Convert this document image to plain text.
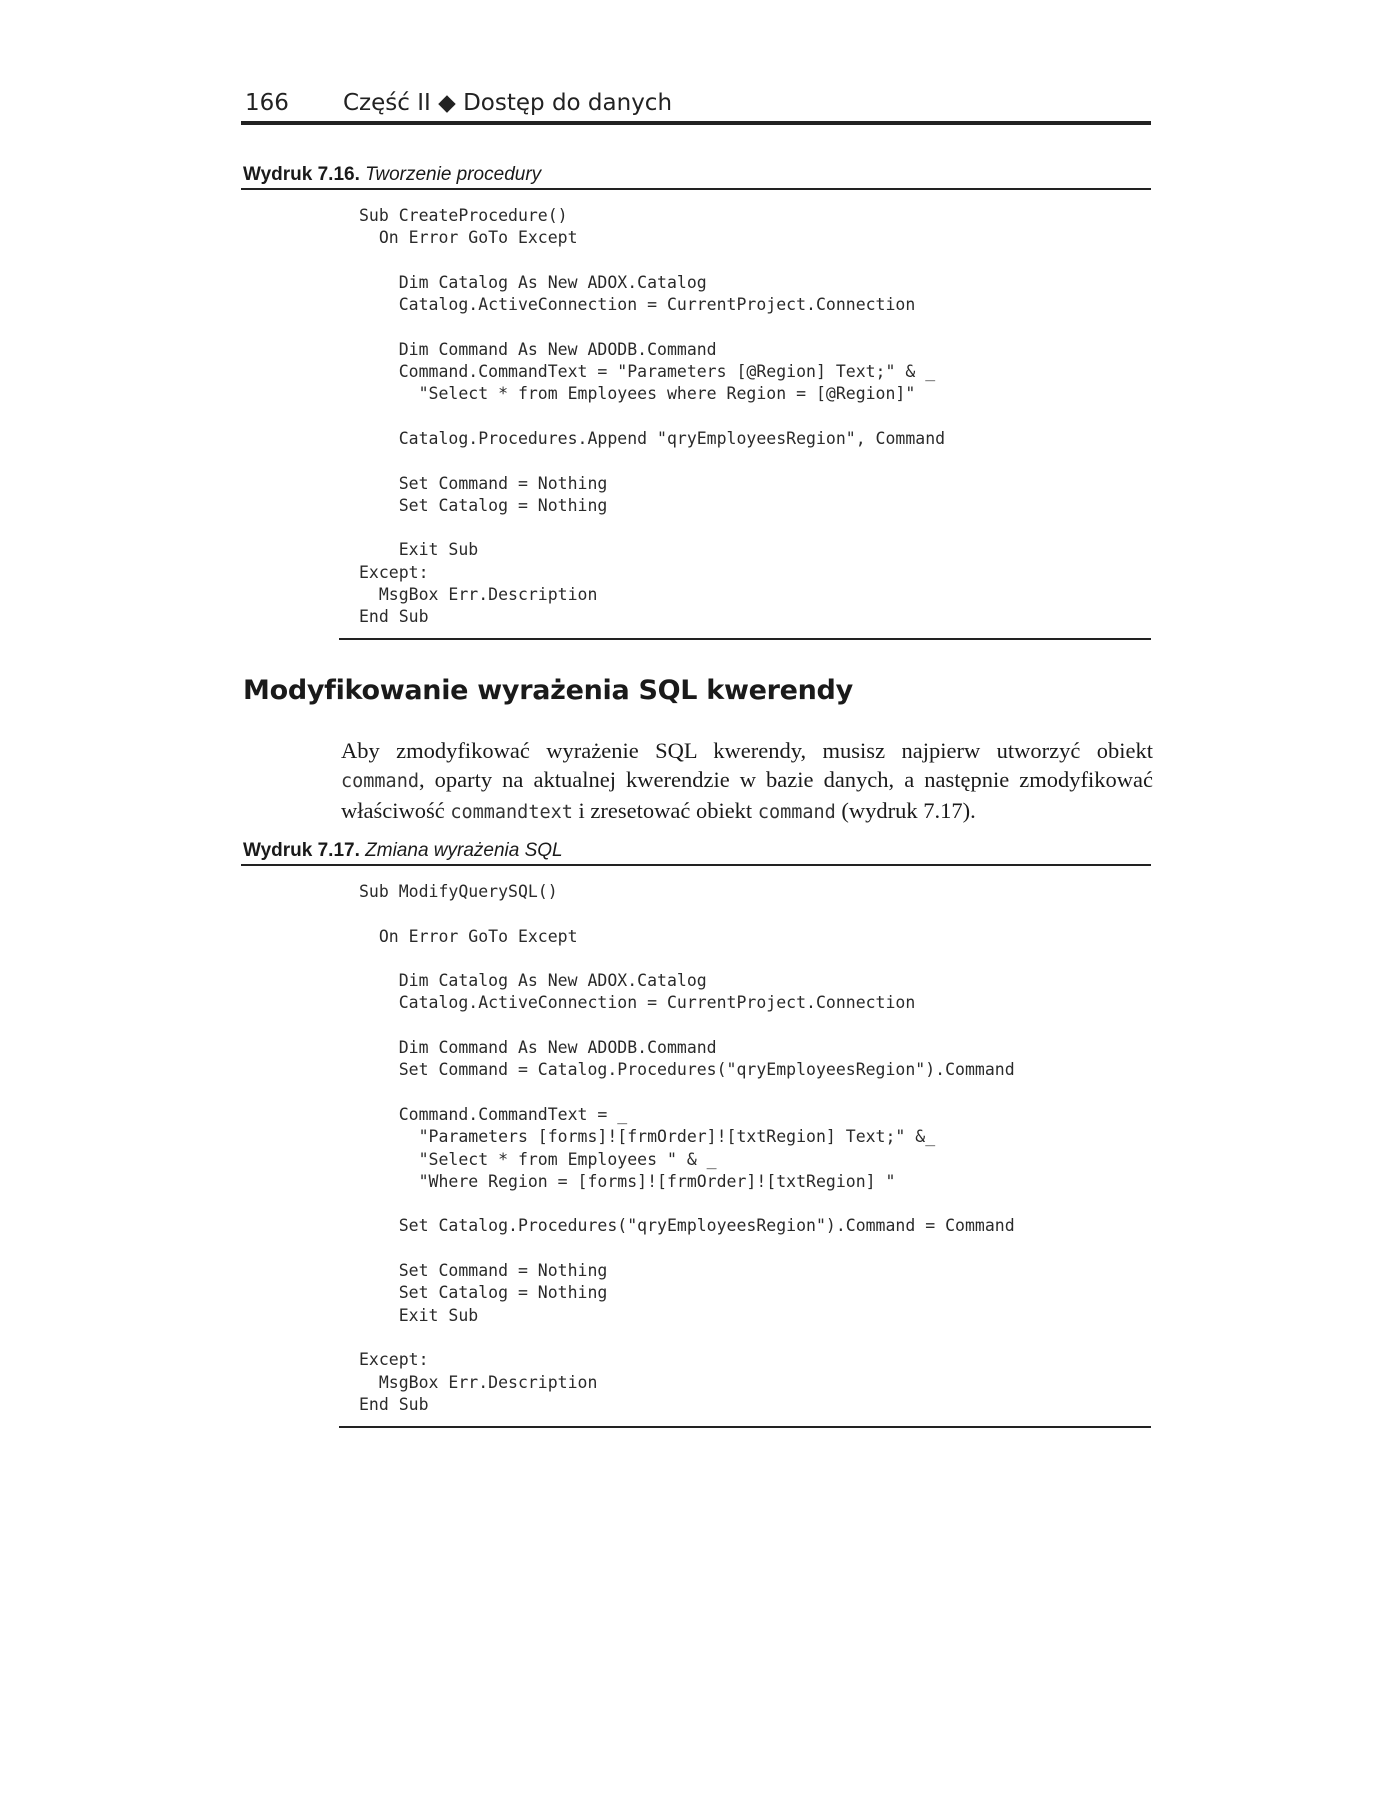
166 Część II ◆ Dostęp do danych
Wydruk 7.16. Tworzenie procedury
Sub CreateProcedure()
On Error GoTo Except
Dim Catalog As New ADOX.Catalog
Catalog.ActiveConnection = CurrentProject.Connection
Dim Command As New ADODB.Command
Command.CommandText = "Parameters [@Region] Text;" & _
"Select * from Employees where Region = [@Region]"
Catalog.Procedures.Append "qryEmployeesRegion", Command
Set Command = Nothing
Set Catalog = Nothing
Exit Sub
Except:
MsgBox Err.Description
End Sub
Modyfikowanie wyrażenia SQL kwerendy

Aby zmodyfikować wyrażenie SQL kwerendy, musisz najpierw utworzyć obiekt command, oparty na aktualnej kwerendzie w bazie danych, a następnie zmodyfikować właściwość commandtext i zresetować obiekt command (wydruk 7.17).

Wydruk 7.17. Zmiana wyrażenia SQL
Sub ModifyQuerySQL()
On Error GoTo Except
Dim Catalog As New ADOX.Catalog
Catalog.ActiveConnection = CurrentProject.Connection
Dim Command As New ADODB.Command
Set Command = Catalog.Procedures("qryEmployeesRegion").Command
Command.CommandText = _
"Parameters [forms]![frmOrder]![txtRegion] Text;" &_
"Select * from Employees " & _
"Where Region = [forms]![frmOrder]![txtRegion] "
Set Catalog.Procedures("qryEmployeesRegion").Command = Command
Set Command = Nothing
Set Catalog = Nothing
Exit Sub
Except:
MsgBox Err.Description
End Sub
